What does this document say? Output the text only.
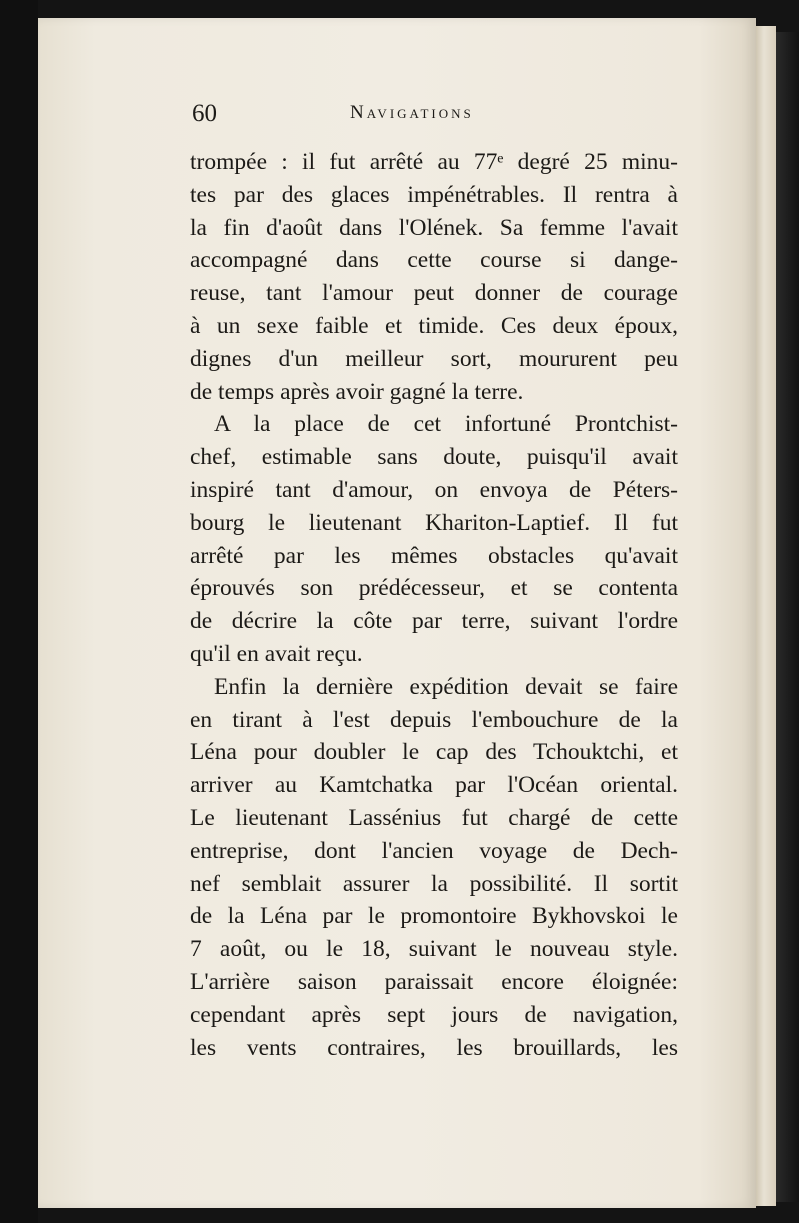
60	Navigations
trompée : il fut arrêté au 77ᵉ degré 25 minu-
tes par des glaces impénétrables. Il rentra à
la fin d'août dans l'Olének. Sa femme l'avait
accompagné dans cette course si dange-
reuse, tant l'amour peut donner de courage
à un sexe faible et timide. Ces deux époux,
dignes d'un meilleur sort, moururent peu
de temps après avoir gagné la terre.
A la place de cet infortuné Prontchist-
chef, estimable sans doute, puisqu'il avait
inspiré tant d'amour, on envoya de Péters-
bourg le lieutenant Khariton-Laptief. Il fut
arrêté par les mêmes obstacles qu'avait
éprouvés son prédécesseur, et se contenta
de décrire la côte par terre, suivant l'ordre
qu'il en avait reçu.
Enfin la dernière expédition devait se faire
en tirant à l'est depuis l'embouchure de la
Léna pour doubler le cap des Tchouktchi, et
arriver au Kamtchatka par l'Océan oriental.
Le lieutenant Lassénius fut chargé de cette
entreprise, dont l'ancien voyage de Dech-
nef semblait assurer la possibilité. Il sortit
de la Léna par le promontoire Bykhovskoi le
7 août, ou le 18, suivant le nouveau style.
L'arrière saison paraissait encore éloignée:
cependant après sept jours de navigation,
les vents contraires, les brouillards, les
